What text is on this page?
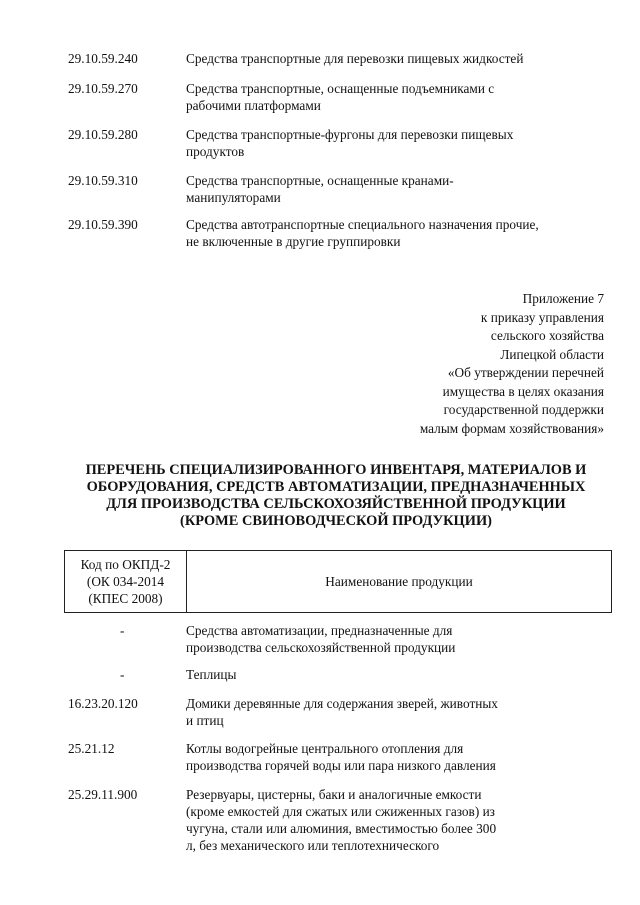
29.10.59.240	Средства транспортные для перевозки пищевых жидкостей
29.10.59.270	Средства транспортные, оснащенные подъемниками с
рабочими платформами
29.10.59.280	Средства транспортные-фургоны для перевозки пищевых
продуктов
29.10.59.310	Средства транспортные, оснащенные кранами-
манипуляторами
29.10.59.390	Средства автотранспортные специального назначения прочие,
не включенные в другие группировки
Приложение 7
к приказу управления
сельского хозяйства
Липецкой области
«Об утверждении перечней
имущества в целях оказания
государственной поддержки
малым формам хозяйствования»
ПЕРЕЧЕНЬ СПЕЦИАЛИЗИРОВАННОГО ИНВЕНТАРЯ, МАТЕРИАЛОВ И
ОБОРУДОВАНИЯ, СРЕДСТВ АВТОМАТИЗАЦИИ, ПРЕДНАЗНАЧЕННЫХ
ДЛЯ ПРОИЗВОДСТВА СЕЛЬСКОХОЗЯЙСТВЕННОЙ ПРОДУКЦИИ
(КРОМЕ СВИНОВОДЧЕСКОЙ ПРОДУКЦИИ)
Код по ОКПД-2
(ОК 034-2014
(КПЕС 2008)
	Наименование продукции
-	Средства автоматизации, предназначенные для
производства сельскохозяйственной продукции
-	Теплицы
16.23.20.120	Домики деревянные для содержания зверей, животных
и птиц
25.21.12	Котлы водогрейные центрального отопления для
производства горячей воды или пара низкого давления
25.29.11.900	Резервуары, цистерны, баки и аналогичные емкости
(кроме емкостей для сжатых или сжиженных газов) из
чугуна, стали или алюминия, вместимостью более 300
л, без механического или теплотехнического
